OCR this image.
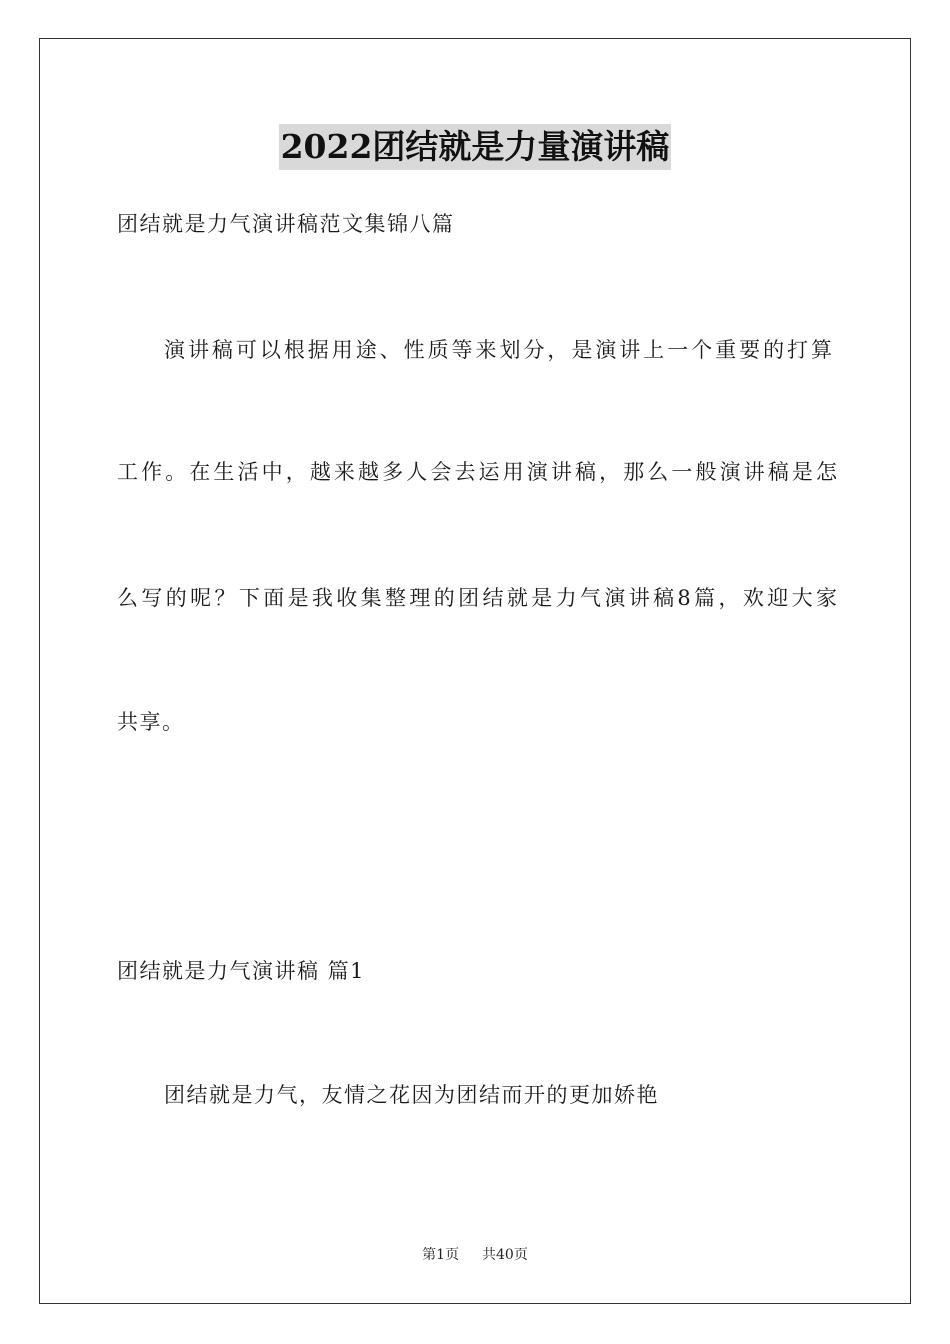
2022团结就是力量演讲稿
团结就是力气演讲稿范文集锦八篇
演讲稿可以根据用途、性质等来划分，是演讲上一个重要的打算
工作。在生活中，越来越多人会去运用演讲稿，那么一般演讲稿是怎
么写的呢？下面是我收集整理的团结就是力气演讲稿8篇，欢迎大家
共享。
团结就是力气演讲稿 篇1
团结就是力气，友情之花因为团结而开的更加娇艳
第1页 共40页
